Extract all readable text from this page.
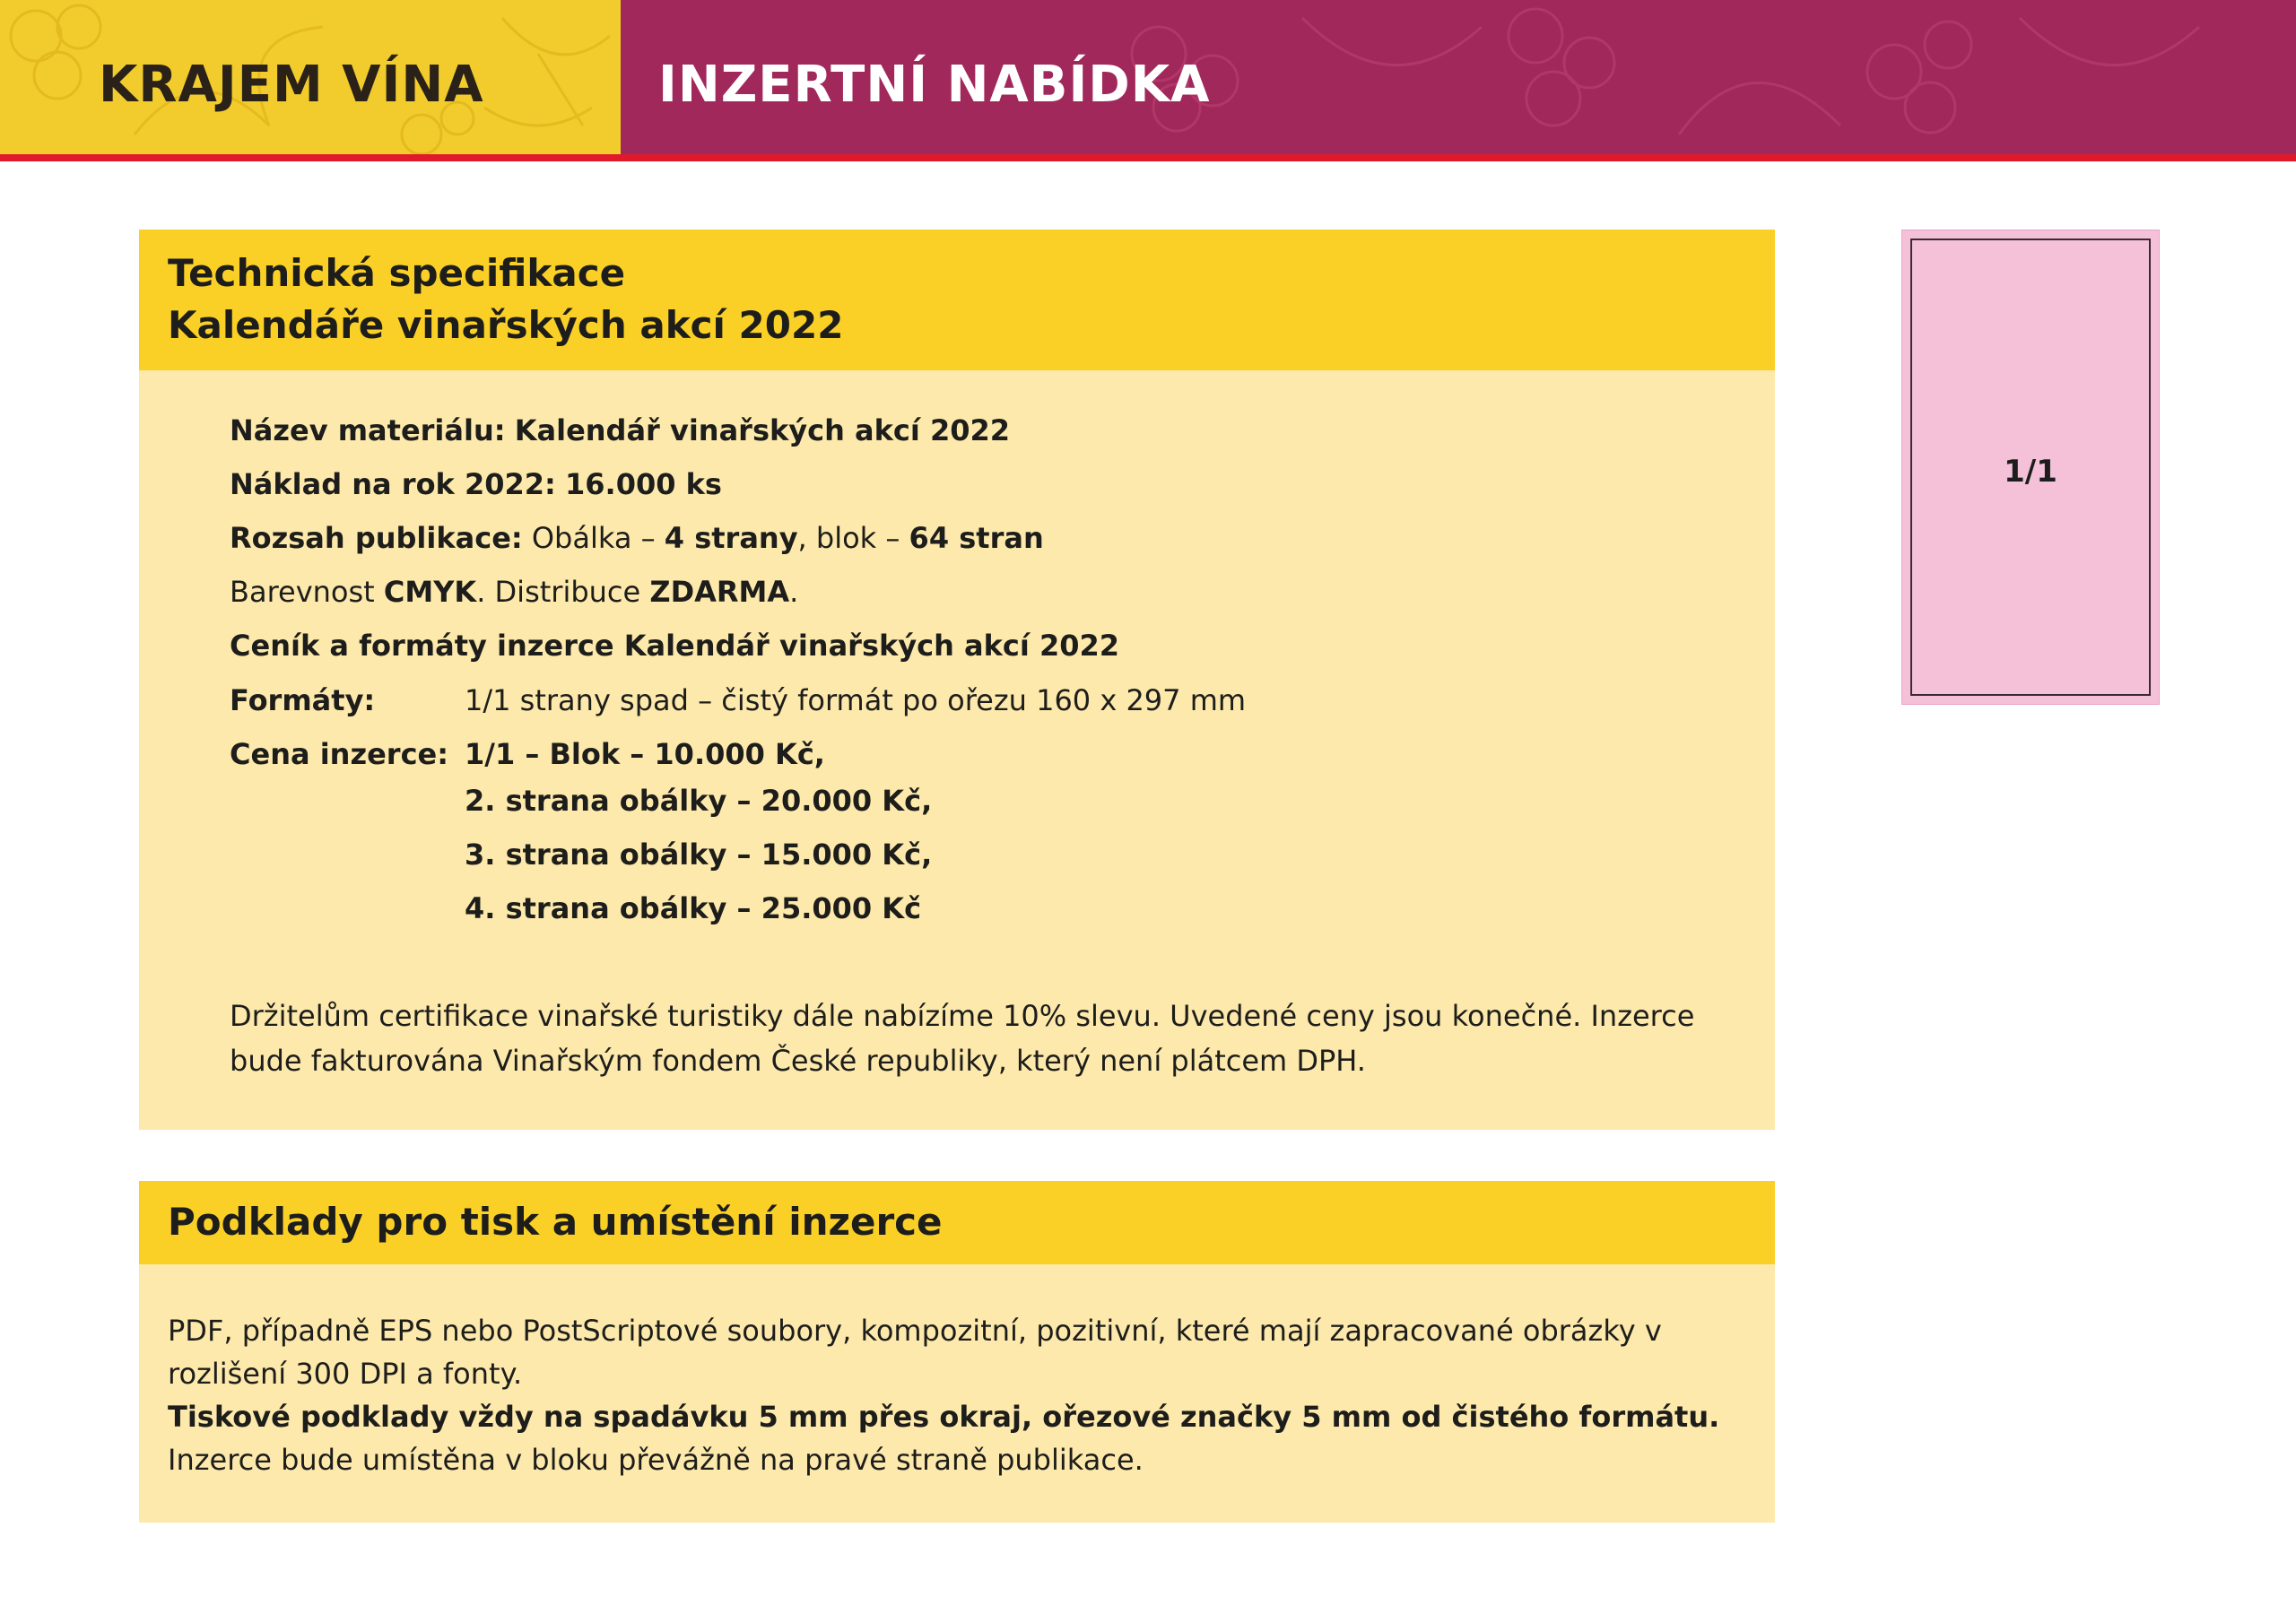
KRAJEM VÍNA	INZERTNÍ NABÍDKA
Technická specifikace
Kalendáře vinařských akcí 2022
Název materiálu: Kalendář vinařských akcí 2022
Náklad na rok 2022: 16.000 ks
Rozsah publikace: Obálka – 4 strany, blok – 64 stran
Barevnost CMYK. Distribuce ZDARMA.
Ceník a formáty inzerce Kalendář vinařských akcí 2022
Formáty:	1/1 strany spad – čistý formát po ořezu 160 x 297 mm
Cena inzerce: 1/1 – Blok – 10.000 Kč,
2. strana obálky – 20.000 Kč,
3. strana obálky – 15.000 Kč,
4. strana obálky – 25.000 Kč
Držitelům certifikace vinařské turistiky dále nabízíme 10% slevu. Uvedené ceny jsou konečné. Inzerce bude fakturována Vinařským fondem České republiky, který není plátcem DPH.
Podklady pro tisk a umístění inzerce
PDF, případně EPS nebo PostScriptové soubory, kompozitní, pozitivní, které mají zapracované obrázky v rozlišení 300 DPI a fonty.
Tiskové podklady vždy na spadávku 5 mm přes okraj, ořezové značky 5 mm od čistého formátu.
Inzerce bude umístěna v bloku převážně na pravé straně publikace.
1/1
